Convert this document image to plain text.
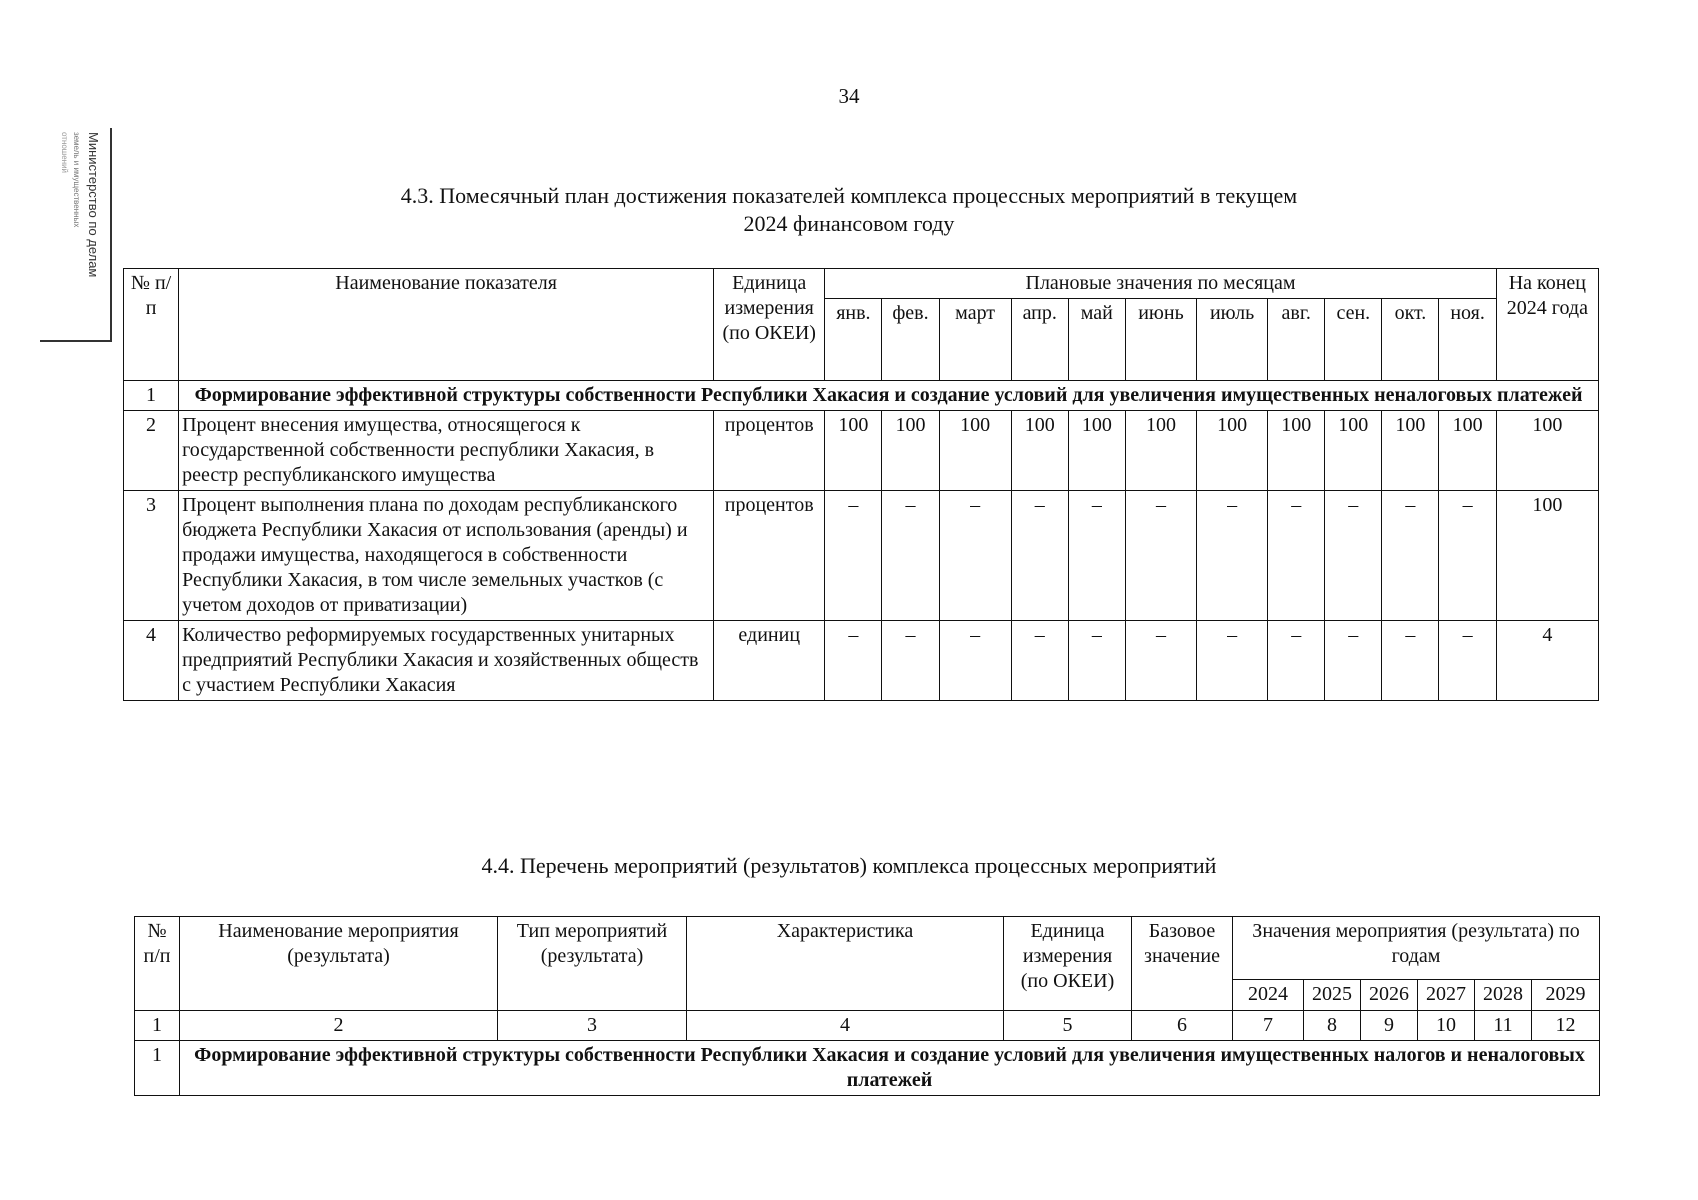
34
Министерство по делам
земель и имущественных
отношений
4.3. Помесячный план достижения показателей комплекса процессных мероприятий в текущем
2024 финансовом году
№ п/п	Наименование показателя	Единица измерения (по ОКЕИ)	Плановые значения по месяцам											На конец 2024 года
			янв.	фев.	март	апр.	май	июнь	июль	авг.	сен.	окт.	ноя.	
1	Формирование эффективной структуры собственности Республики Хакасия и создание условий для увеличения имущественных неналоговых платежей													
2	Процент внесения имущества, относящегося к государственной собственности республики Хакасия, в реестр республиканского имущества	процентов	100	100	100	100	100	100	100	100	100	100	100	100
3	Процент выполнения плана по доходам республиканского бюджета Республики Хакасия от использования (аренды) и продажи имущества, находящегося в собственности Республики Хакасия, в том числе земельных участков (с учетом доходов от приватизации)	процентов	–	–	–	–	–	–	–	–	–	–	–	100
4	Количество реформируемых государственных унитарных предприятий Республики Хакасия и хозяйственных обществ с участием Республики Хакасия	единиц	–	–	–	–	–	–	–	–	–	–	–	4
4.4. Перечень мероприятий (результатов) комплекса процессных мероприятий
№ п/п	Наименование мероприятия (результата)	Тип мероприятий (результата)	Характеристика	Единица измерения (по ОКЕИ)	Базовое значение	Значения мероприятия (результата) по годам					
						2024	2025	2026	2027	2028	2029
1	2	3	4	5	6	7	8	9	10	11	12
1	Формирование эффективной структуры собственности Республики Хакасия и создание условий для увеличения имущественных налогов и неналоговых платежей										
